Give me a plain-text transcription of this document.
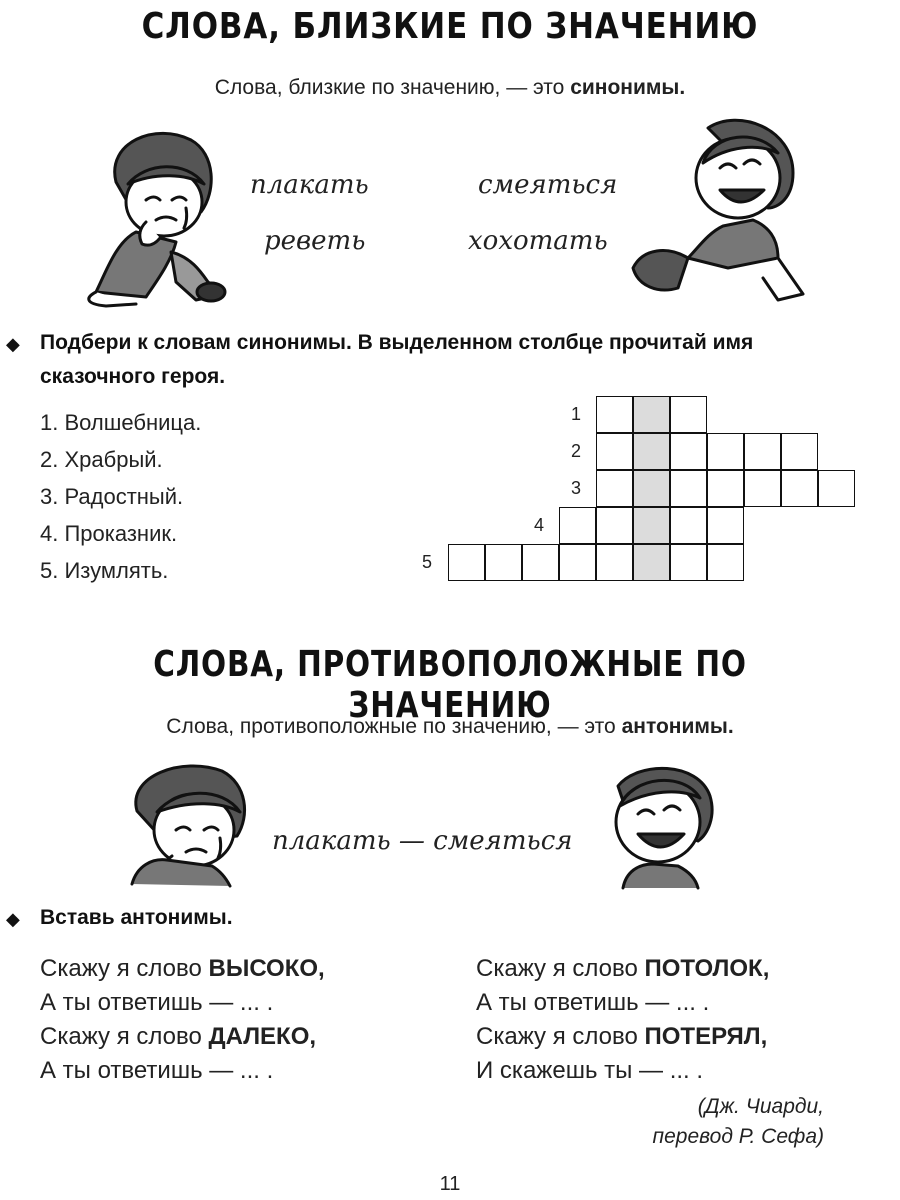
СЛОВА, БЛИЗКИЕ ПО ЗНАЧЕНИЮ
Слова, близкие по значению, — это синонимы.
плакать
реветь
смеяться
хохотать
◆ Подбери к словам синонимы. В выделенном столбце прочитай имя
сказочного героя.
1. Волшебница.
2. Храбрый.
3. Радостный.
4. Проказник.
5. Изумлять.
1
2
3
4
5
СЛОВА, ПРОТИВОПОЛОЖНЫЕ ПО ЗНАЧЕНИЮ
Слова, противоположные по значению, — это антонимы.
плакать — смеяться
◆ Вставь антонимы.
Скажу я слово ВЫСОКО,
А ты ответишь — ... .
Скажу я слово ДАЛЕКО,
А ты ответишь — ... .
Скажу я слово ПОТОЛОК,
А ты ответишь — ... .
Скажу я слово ПОТЕРЯЛ,
И скажешь ты — ... .
(Дж. Чиарди,
перевод Р. Сефа)
11
